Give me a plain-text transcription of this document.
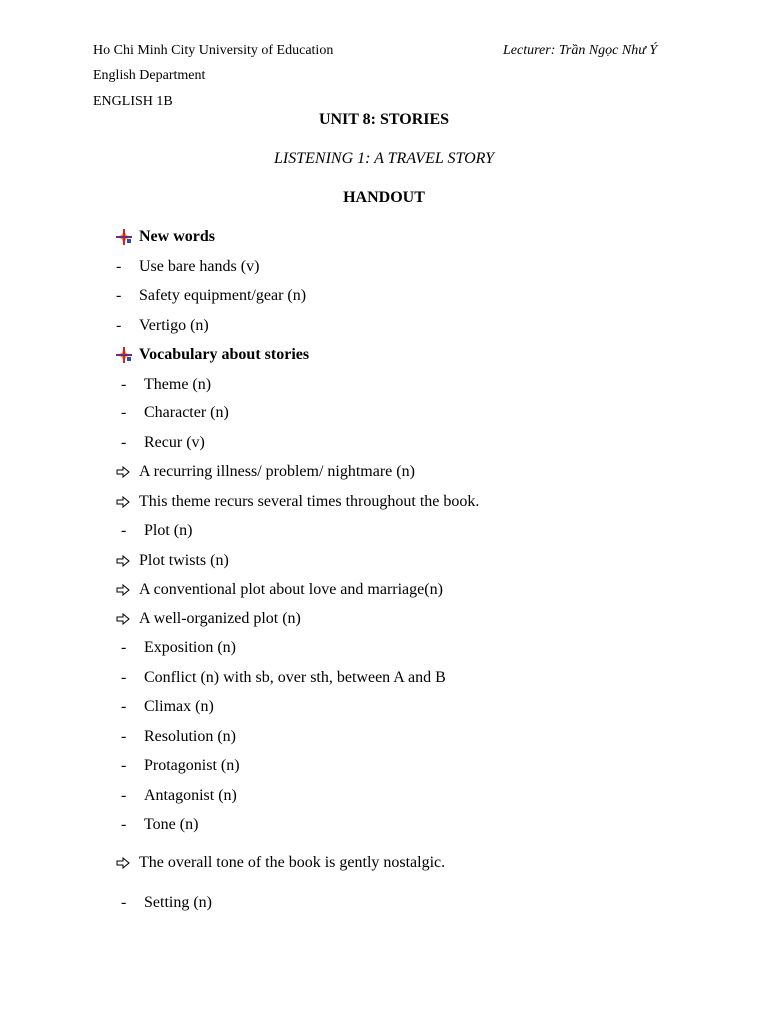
Ho Chi Minh City University of Education	Lecturer: Trần Ngọc Như Ý
English Department
ENGLISH 1B
UNIT 8: STORIES
LISTENING 1: A TRAVEL STORY
HANDOUT
New words
- Use bare hands (v)
- Safety equipment/gear (n)
- Vertigo (n)
Vocabulary about stories
- Theme (n)
- Character (n)
- Recur (v)
A recurring illness/ problem/ nightmare (n)
This theme recurs several times throughout the book.
- Plot (n)
Plot twists (n)
A conventional plot about love and marriage(n)
A well-organized plot (n)
- Exposition (n)
- Conflict (n) with sb, over sth, between A and B
- Climax (n)
- Resolution (n)
- Protagonist (n)
- Antagonist (n)
- Tone (n)
The overall tone of the book is gently nostalgic.
- Setting (n)
